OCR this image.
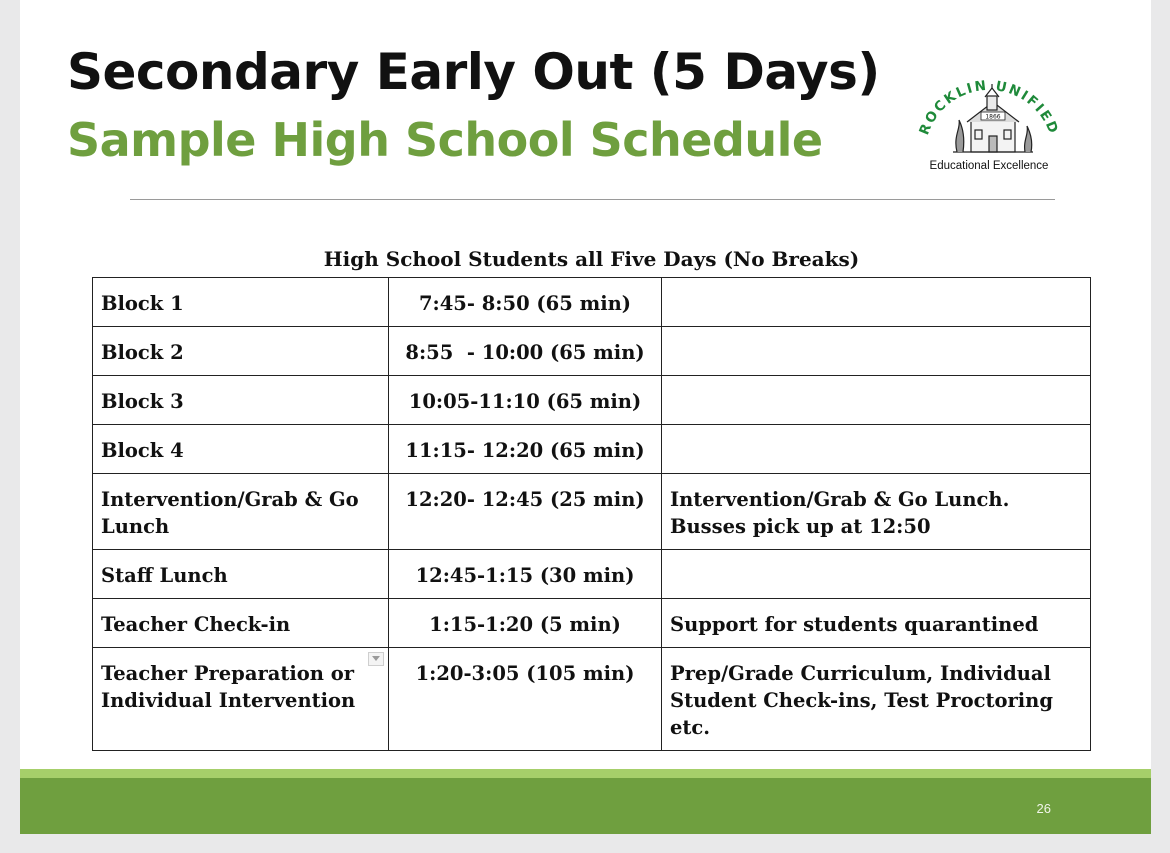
Secondary Early Out (5 Days)
Sample High School Schedule	ROCKLIN UNIFIED
1866
Educational Excellence
High School Students all Five Days (No Breaks)
Block 1	7:45- 8:50 (65 min)	
Block 2	8:55  - 10:00 (65 min)	
Block 3	10:05-11:10 (65 min)	
Block 4	11:15- 12:20 (65 min)	
Intervention/Grab & Go Lunch	12:20- 12:45 (25 min)	Intervention/Grab & Go Lunch. Busses pick up at 12:50
Staff Lunch	12:45-1:15 (30 min)	
Teacher Check-in	1:15-1:20 (5 min)	Support for students quarantined
Teacher Preparation or Individual Intervention	1:20-3:05 (105 min)	Prep/Grade Curriculum, Individual Student Check-ins, Test Proctoring etc.
26
